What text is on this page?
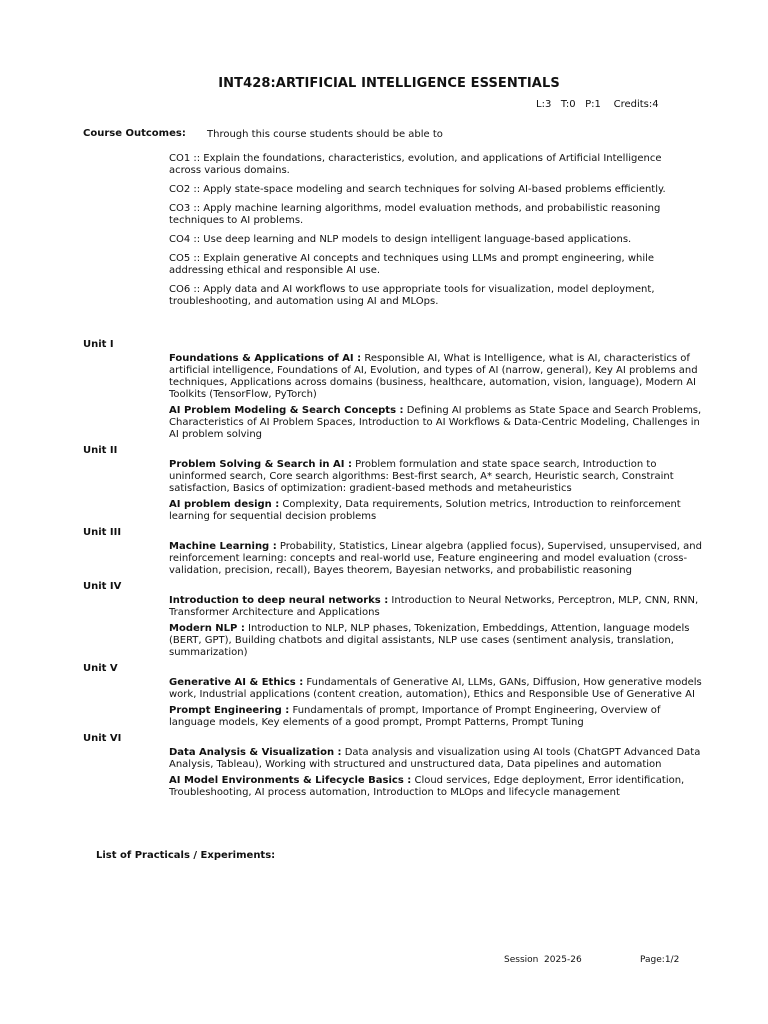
INT428:ARTIFICIAL INTELLIGENCE ESSENTIALS
L:3   T:0   P:1    Credits:4
Course Outcomes: Through this course students should be able to
CO1 :: Explain the foundations, characteristics, evolution, and applications of Artificial Intelligence across various domains.
CO2 :: Apply state-space modeling and search techniques for solving AI-based problems efficiently.
CO3 :: Apply machine learning algorithms, model evaluation methods, and probabilistic reasoning techniques to AI problems.
CO4 :: Use deep learning and NLP models to design intelligent language-based applications.
CO5 :: Explain generative AI concepts and techniques using LLMs and prompt engineering, while addressing ethical and responsible AI use.
CO6 :: Apply data and AI workflows to use appropriate tools for visualization, model deployment, troubleshooting, and automation using AI and MLOps.
Unit I
Foundations & Applications of AI : Responsible AI, What is Intelligence, what is AI, characteristics of artificial intelligence, Foundations of AI, Evolution, and types of AI (narrow, general), Key AI problems and techniques, Applications across domains (business, healthcare, automation, vision, language), Modern AI Toolkits (TensorFlow, PyTorch)
AI Problem Modeling & Search Concepts : Defining AI problems as State Space and Search Problems, Characteristics of AI Problem Spaces, Introduction to AI Workflows & Data-Centric Modeling, Challenges in AI problem solving
Unit II
Problem Solving & Search in AI : Problem formulation and state space search, Introduction to uninformed search, Core search algorithms: Best-first search, A* search, Heuristic search, Constraint satisfaction, Basics of optimization: gradient-based methods and metaheuristics
AI problem design : Complexity, Data requirements, Solution metrics, Introduction to reinforcement learning for sequential decision problems
Unit III
Machine Learning : Probability, Statistics, Linear algebra (applied focus), Supervised, unsupervised, and reinforcement learning: concepts and real-world use, Feature engineering and model evaluation (cross-validation, precision, recall), Bayes theorem, Bayesian networks, and probabilistic reasoning
Unit IV
Introduction to deep neural networks : Introduction to Neural Networks, Perceptron, MLP, CNN, RNN, Transformer Architecture and Applications
Modern NLP : Introduction to NLP, NLP phases, Tokenization, Embeddings, Attention, language models (BERT, GPT), Building chatbots and digital assistants, NLP use cases (sentiment analysis, translation, summarization)
Unit V
Generative AI & Ethics : Fundamentals of Generative AI, LLMs, GANs, Diffusion, How generative models work, Industrial applications (content creation, automation), Ethics and Responsible Use of Generative AI
Prompt Engineering : Fundamentals of prompt, Importance of Prompt Engineering, Overview of language models, Key elements of a good prompt, Prompt Patterns, Prompt Tuning
Unit VI
Data Analysis & Visualization : Data analysis and visualization using AI tools (ChatGPT Advanced Data Analysis, Tableau), Working with structured and unstructured data, Data pipelines and automation
AI Model Environments & Lifecycle Basics : Cloud services, Edge deployment, Error identification, Troubleshooting, AI process automation, Introduction to MLOps and lifecycle management
List of Practicals / Experiments:
Session  2025-26	Page:1/2
